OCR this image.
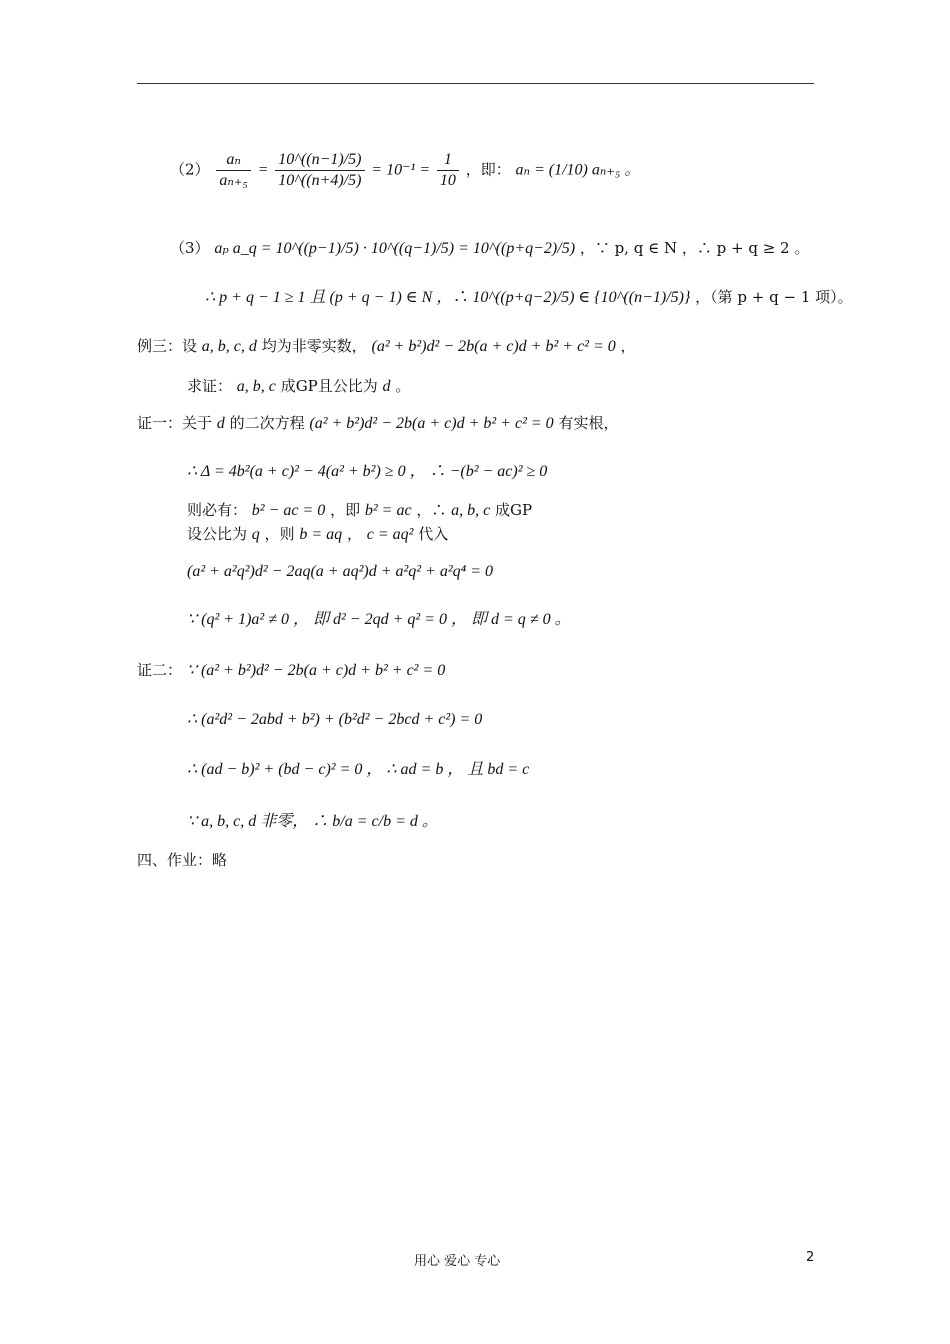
$(2) \frac{\text{aₙ}}{\text{aₙ₊₅}} = \frac{10\^{}((n-1)/5)}{10\^{}((n+4)/5)} = 10^{-1} = \frac{1}{10}$ ，即： aₙ = (1/10) aₙ₊₅ 。
（3） aₚ a_q = 10^((p−1)/5) · 10^((q−1)/5) = 10^((p+q−2)/5) ，∵ p, q ∈ N ，∴ p + q ≥ 2 。
∴ p + q − 1 ≥ 1 且 (p + q − 1) ∈ N ，∴ 10^((p+q−2)/5) ∈ {10^((n−1)/5)} ，（第 p + q − 1 项）。
例三：设 a, b, c, d 均为非零实数， (a² + b²)d² − 2b(a + c)d + b² + c² = 0 ，
求证： a, b, c 成GP且公比为 d 。
证一：关于 d 的二次方程 (a² + b²)d² − 2b(a + c)d + b² + c² = 0 有实根，
∴ Δ = 4b²(a + c)² − 4(a² + b²) ≥ 0 ， ∴ −(b² − ac)² ≥ 0
则必有： b² − ac = 0 ，即 b² = ac ，∴ a, b, c 成GP
设公比为 q ，则 b = aq ， c = aq² 代入
(a² + a²q²)d² − 2aq(a + aq²)d + a²q² + a²q⁴ = 0
∵ (q² + 1)a² ≠ 0 ， 即 d² − 2qd + q² = 0 ， 即 d = q ≠ 0 。
证二： ∵ (a² + b²)d² − 2b(a + c)d + b² + c² = 0
∴ (a²d² − 2abd + b²) + (b²d² − 2bcd + c²) = 0
∴ (ad − b)² + (bd − c)² = 0 ， ∴ ad = b ， 且 bd = c
∵ a, b, c, d 非零， ∴ b/a = c/b = d 。
四、作业：略
用心 爱心 专心	2
